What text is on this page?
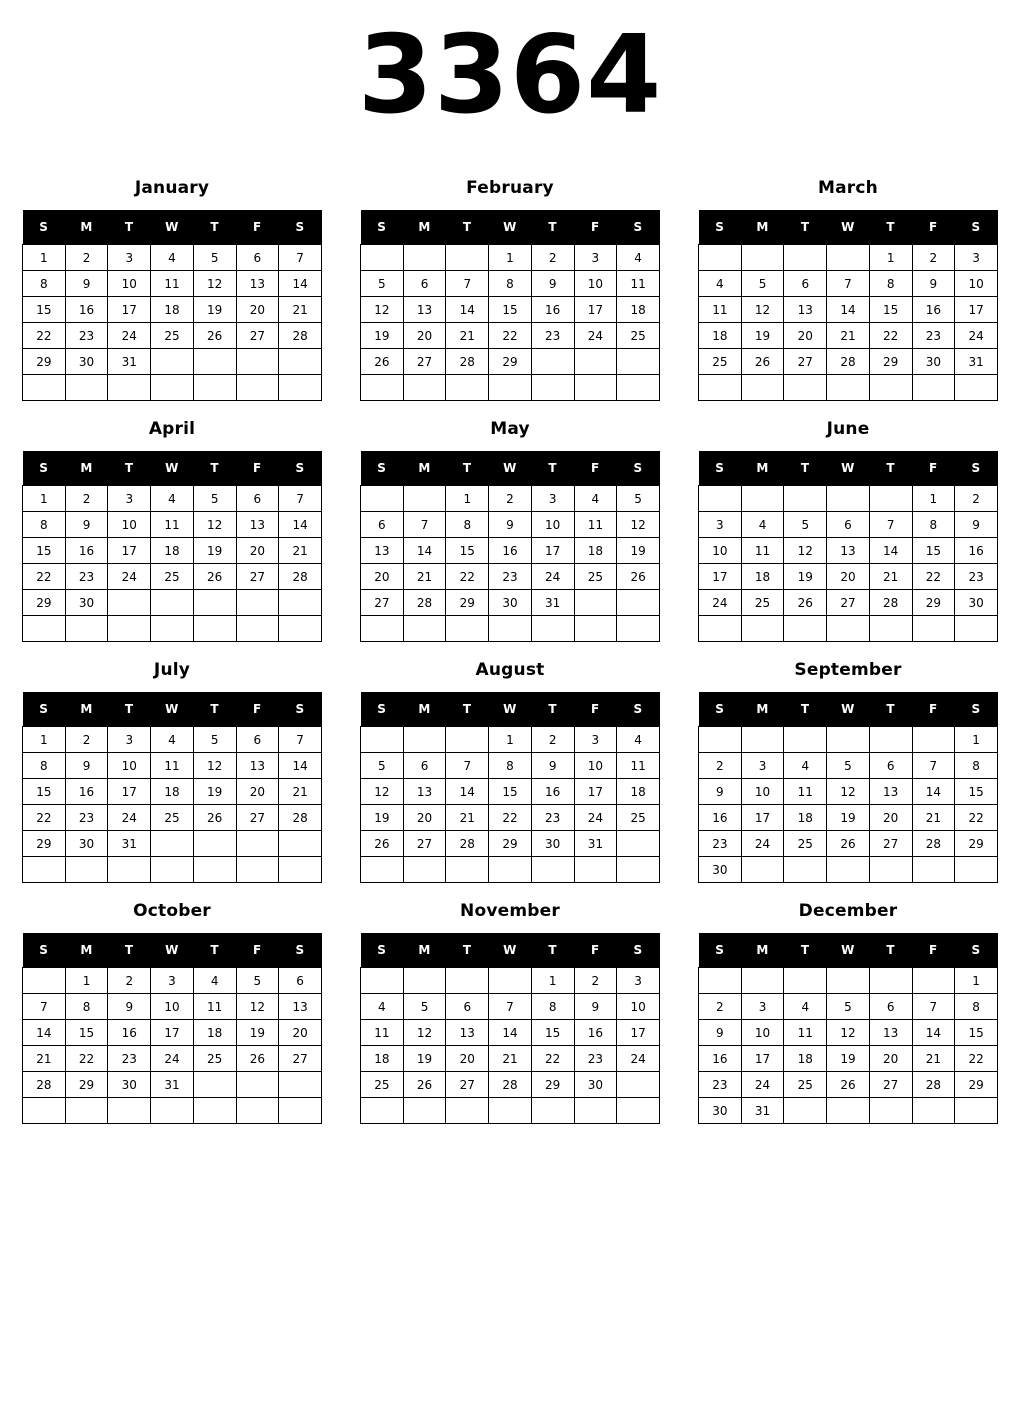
3364
January
S	M	T	W	T	F	S
1	2	3	4	5	6	7
8	9	10	11	12	13	14
15	16	17	18	19	20	21
22	23	24	25	26	27	28
29	30	31				

February
S	M	T	W	T	F	S
			1	2	3	4
5	6	7	8	9	10	11
12	13	14	15	16	17	18
19	20	21	22	23	24	25
26	27	28	29			

March
S	M	T	W	T	F	S
				1	2	3
4	5	6	7	8	9	10
11	12	13	14	15	16	17
18	19	20	21	22	23	24
25	26	27	28	29	30	31

April
S	M	T	W	T	F	S
1	2	3	4	5	6	7
8	9	10	11	12	13	14
15	16	17	18	19	20	21
22	23	24	25	26	27	28
29	30					

May
S	M	T	W	T	F	S
		1	2	3	4	5
6	7	8	9	10	11	12
13	14	15	16	17	18	19
20	21	22	23	24	25	26
27	28	29	30	31		

June
S	M	T	W	T	F	S
					1	2
3	4	5	6	7	8	9
10	11	12	13	14	15	16
17	18	19	20	21	22	23
24	25	26	27	28	29	30

July
S	M	T	W	T	F	S
1	2	3	4	5	6	7
8	9	10	11	12	13	14
15	16	17	18	19	20	21
22	23	24	25	26	27	28
29	30	31				

August
S	M	T	W	T	F	S
			1	2	3	4
5	6	7	8	9	10	11
12	13	14	15	16	17	18
19	20	21	22	23	24	25
26	27	28	29	30	31	

September
S	M	T	W	T	F	S
						1
2	3	4	5	6	7	8
9	10	11	12	13	14	15
16	17	18	19	20	21	22
23	24	25	26	27	28	29
30						
October
S	M	T	W	T	F	S
	1	2	3	4	5	6
7	8	9	10	11	12	13
14	15	16	17	18	19	20
21	22	23	24	25	26	27
28	29	30	31			

November
S	M	T	W	T	F	S
				1	2	3
4	5	6	7	8	9	10
11	12	13	14	15	16	17
18	19	20	21	22	23	24
25	26	27	28	29	30	

December
S	M	T	W	T	F	S
						1
2	3	4	5	6	7	8
9	10	11	12	13	14	15
16	17	18	19	20	21	22
23	24	25	26	27	28	29
30	31					
